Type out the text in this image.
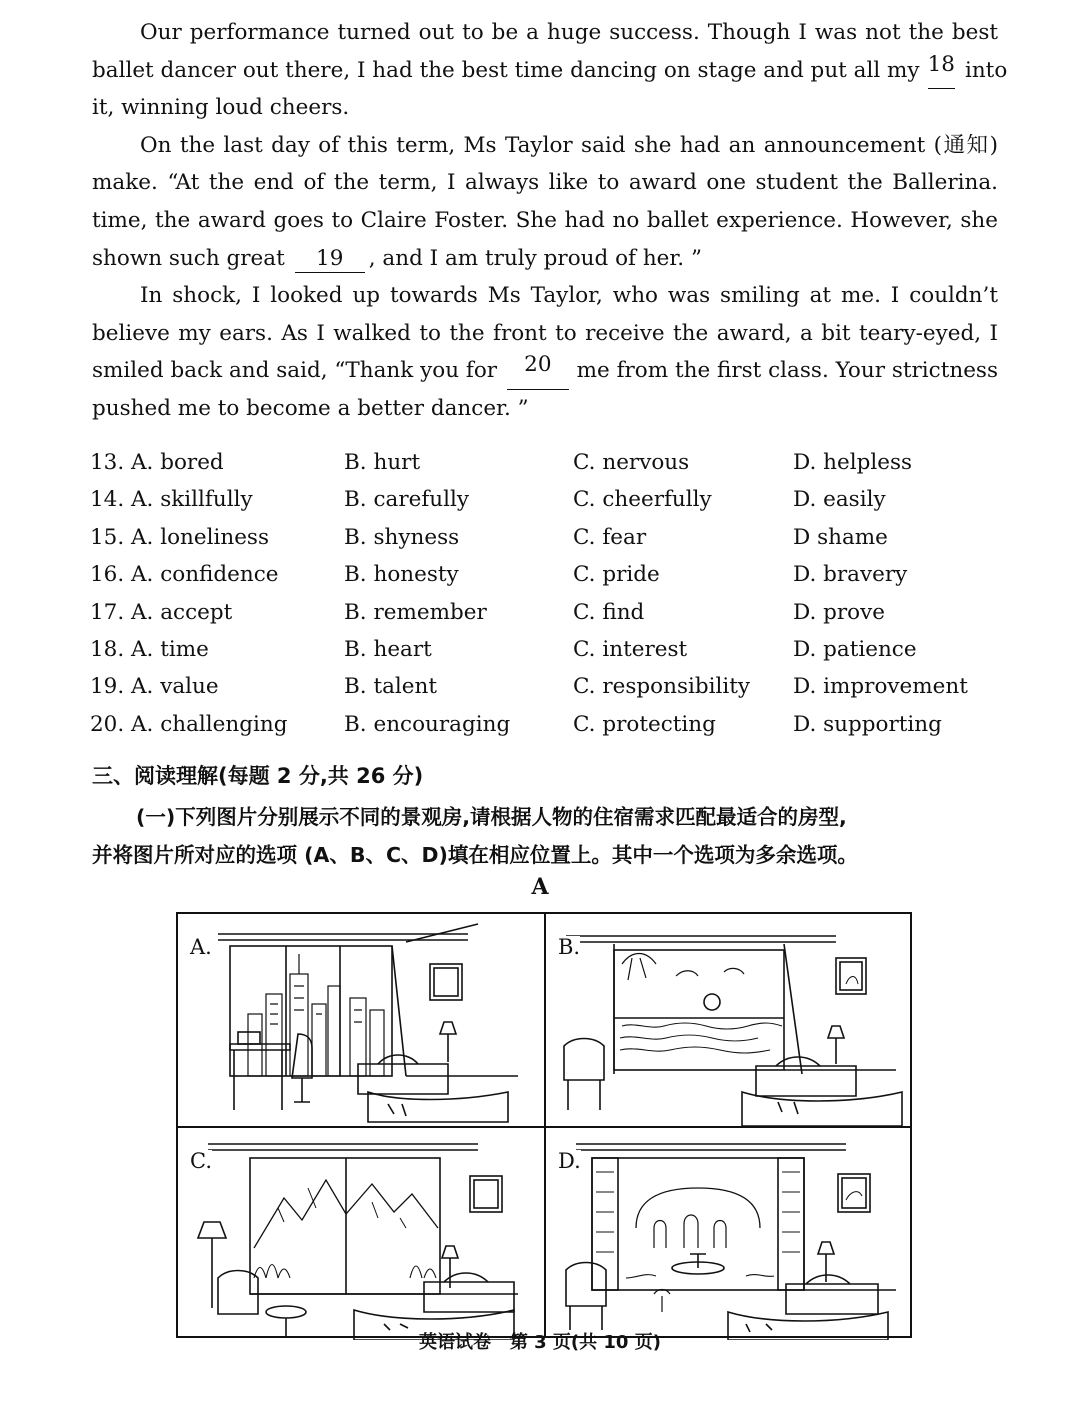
Our performance turned out to be a huge success. Though I was not the best
ballet dancer out there, I had the best time dancing on stage and put all my 18 into
it, winning loud cheers.
On the last day of this term, Ms Taylor said she had an announcement (通知)
make. “At the end of the term, I always like to award one student the Ballerina.
time, the award goes to Claire Foster. She had no ballet experience. However, she
shown such great 19 , and I am truly proud of her. ”
In shock, I looked up towards Ms Taylor, who was smiling at me. I couldn’t
believe my ears. As I walked to the front to receive the award, a bit teary-eyed, I
smiled back and said, “Thank you for	20	me from the first class. Your strictness
pushed me to become a better dancer. ”
13. A. bored	B. hurt	C. nervous	D. helpless
14. A. skillfully	B. carefully	C. cheerfully	D. easily
15. A. loneliness	B. shyness	C. fear	D shame
16. A. confidence	B. honesty	C. pride	D. bravery
17. A. accept	B. remember	C. find	D. prove
18. A. time	B. heart	C. interest	D. patience
19. A. value	B. talent	C. responsibility	D. improvement
20. A. challenging	B. encouraging	C. protecting	D. supporting
三、阅读理解(每题 2 分,共 26 分)
(一)下列图片分别展示不同的景观房,请根据人物的住宿需求匹配最适合的房型,
并将图片所对应的选项 (A、B、C、D)填在相应位置上。其中一个选项为多余选项。
A
A.	B.
C.	D.
英语试卷   第 3 页(共 10 页)
